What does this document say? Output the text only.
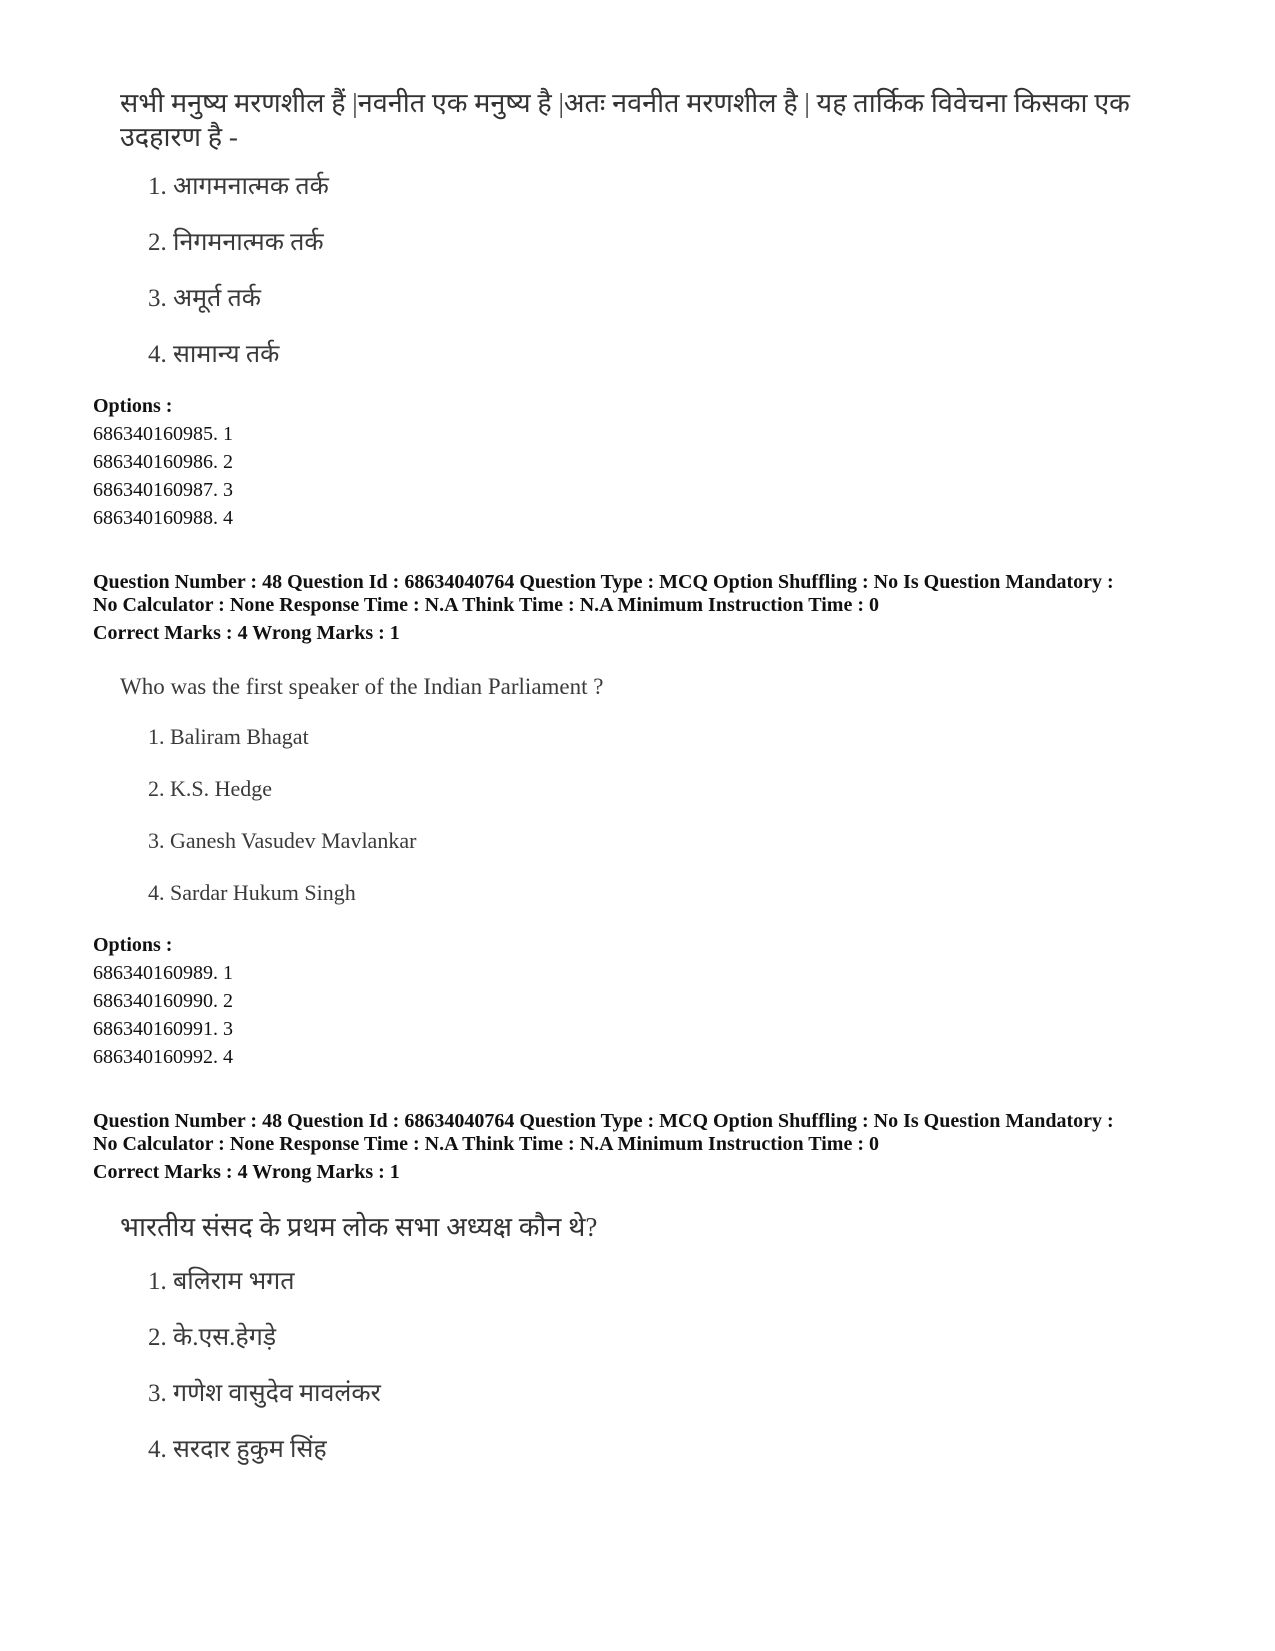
सभी मनुष्य मरणशील हैं |नवनीत एक मनुष्य है |अतः नवनीत मरणशील है | यह तार्किक विवेचना किसका एक उदहारण है -
1. आगमनात्मक तर्क
2. निगमनात्मक तर्क
3. अमूर्त तर्क
4. सामान्य तर्क
Options :
686340160985. 1
686340160986. 2
686340160987. 3
686340160988. 4
Question Number : 48 Question Id : 68634040764 Question Type : MCQ Option Shuffling : No Is Question Mandatory :
No Calculator : None Response Time : N.A Think Time : N.A Minimum Instruction Time : 0
Correct Marks : 4 Wrong Marks : 1
Who was the first speaker of the Indian Parliament ?
1. Baliram Bhagat
2. K.S. Hedge
3. Ganesh Vasudev Mavlankar
4. Sardar Hukum Singh
Options :
686340160989. 1
686340160990. 2
686340160991. 3
686340160992. 4
Question Number : 48 Question Id : 68634040764 Question Type : MCQ Option Shuffling : No Is Question Mandatory :
No Calculator : None Response Time : N.A Think Time : N.A Minimum Instruction Time : 0
Correct Marks : 4 Wrong Marks : 1
भारतीय संसद के प्रथम लोक सभा अध्यक्ष कौन थे?
1. बलिराम भगत
2. के.एस.हेगड़े
3. गणेश वासुदेव मावलंकर
4. सरदार हुकुम सिंह
